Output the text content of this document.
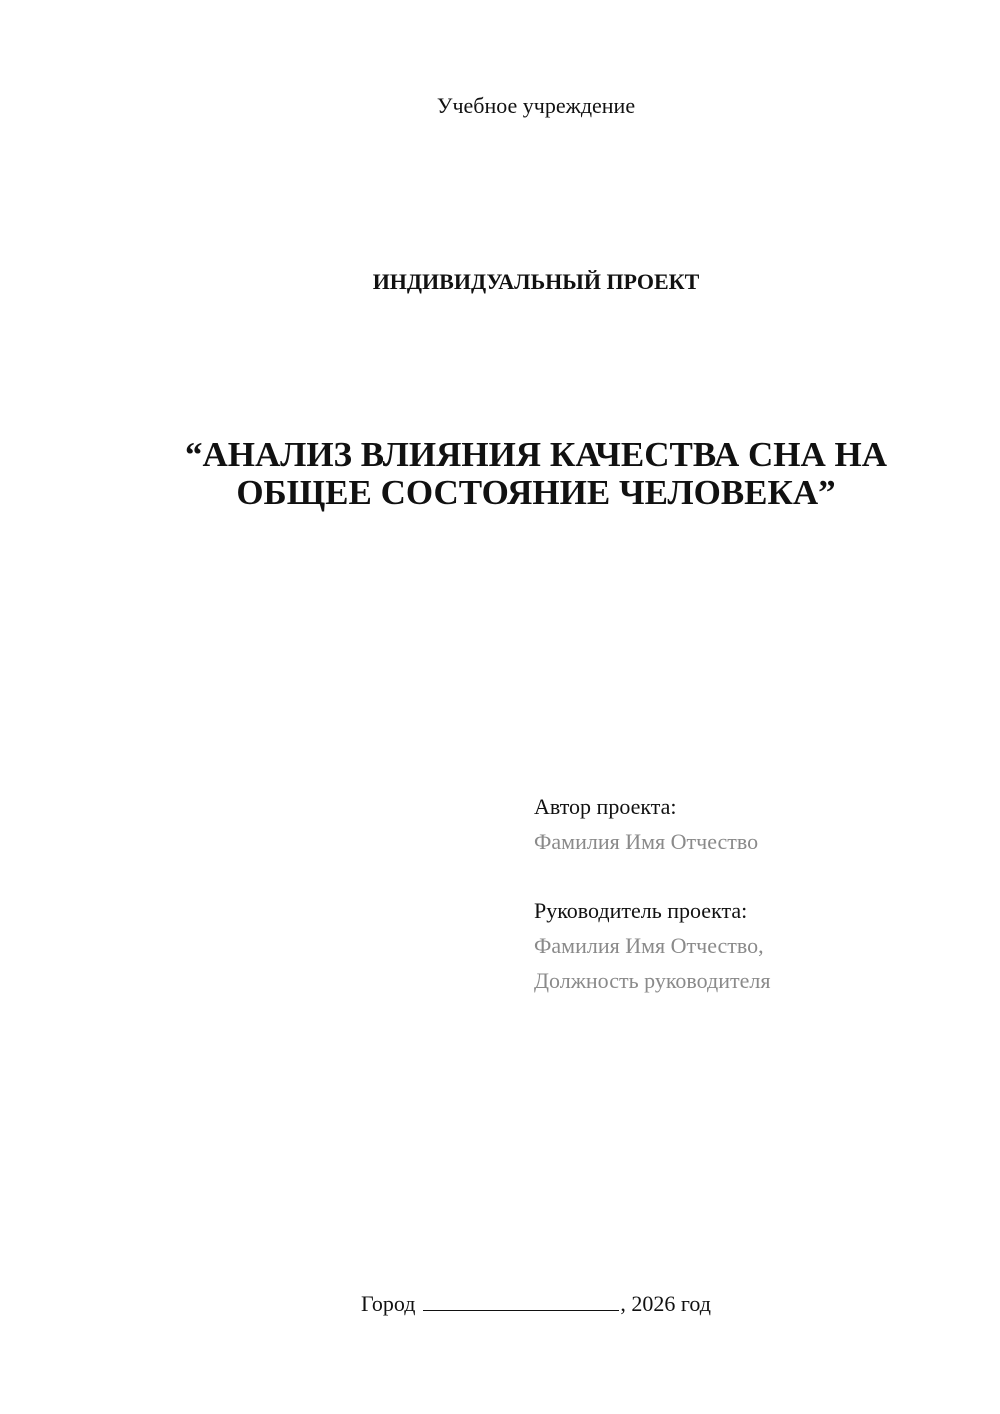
Учебное учреждение
ИНДИВИДУАЛЬНЫЙ ПРОЕКТ
“АНАЛИЗ ВЛИЯНИЯ КАЧЕСТВА СНА НА
ОБЩЕЕ СОСТОЯНИЕ ЧЕЛОВЕКА”
Автор проекта:
Фамилия Имя Отчество
Руководитель проекта:
Фамилия Имя Отчество,
Должность руководителя
Город	, 2026 год
